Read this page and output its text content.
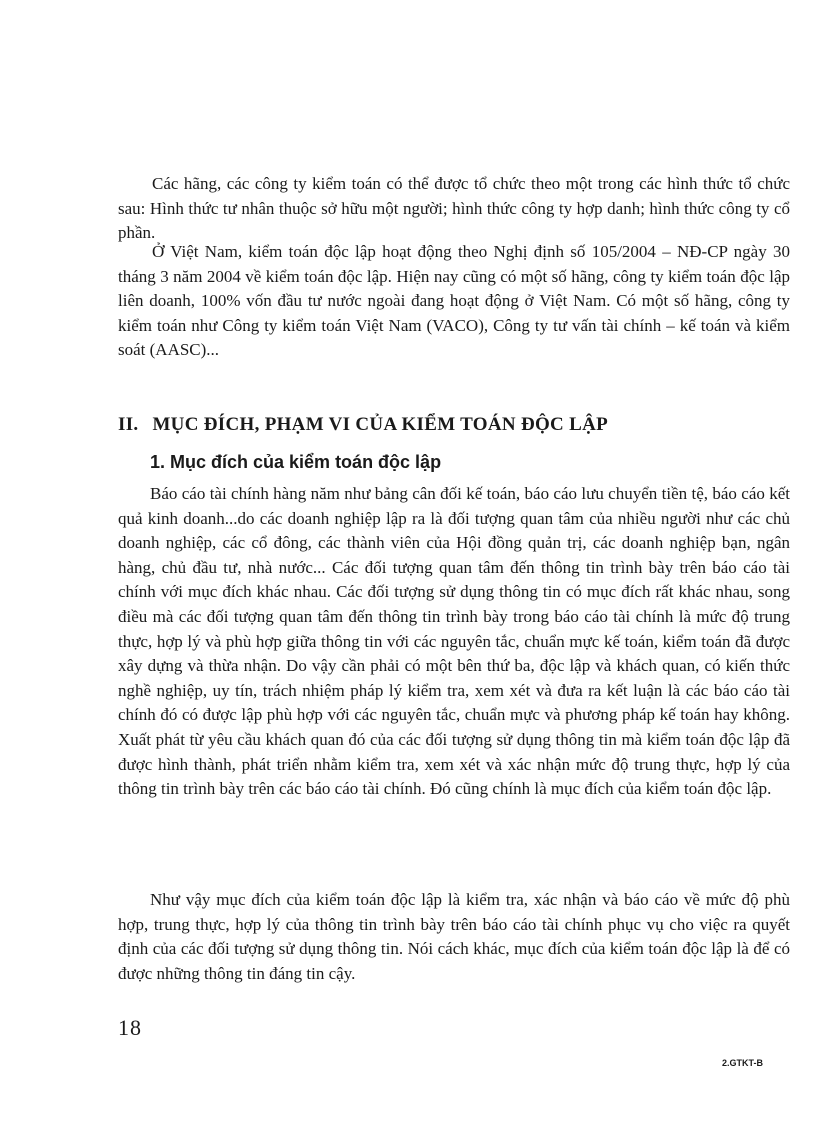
Các hãng, các công ty kiểm toán có thể được tổ chức theo một trong các hình thức tổ chức sau: Hình thức tư nhân thuộc sở hữu một người; hình thức công ty hợp danh; hình thức công ty cổ phần.

Ở Việt Nam, kiểm toán độc lập hoạt động theo Nghị định số 105/2004 – NĐ-CP ngày 30 tháng 3 năm 2004 về kiểm toán độc lập. Hiện nay cũng có một số hãng, công ty kiểm toán độc lập liên doanh, 100% vốn đầu tư nước ngoài đang hoạt động ở Việt Nam. Có một số hãng, công ty kiểm toán như Công ty kiểm toán Việt Nam (VACO), Công ty tư vấn tài chính – kế toán và kiểm soát (AASC)...

II. MỤC ĐÍCH, PHẠM VI CỦA KIỂM TOÁN ĐỘC LẬP
1. Mục đích của kiểm toán độc lập

Báo cáo tài chính hàng năm như bảng cân đối kế toán, báo cáo lưu chuyển tiền tệ, báo cáo kết quả kinh doanh...do các doanh nghiệp lập ra là đối tượng quan tâm của nhiều người như các chủ doanh nghiệp, các cổ đông, các thành viên của Hội đồng quản trị, các doanh nghiệp bạn, ngân hàng, chủ đầu tư, nhà nước... Các đối tượng quan tâm đến thông tin trình bày trên báo cáo tài chính với mục đích khác nhau. Các đối tượng sử dụng thông tin có mục đích rất khác nhau, song điều mà các đối tượng quan tâm đến thông tin trình bày trong báo cáo tài chính là mức độ trung thực, hợp lý và phù hợp giữa thông tin với các nguyên tắc, chuẩn mực kế toán, kiểm toán đã được xây dựng và thừa nhận. Do vậy cần phải có một bên thứ ba, độc lập và khách quan, có kiến thức nghề nghiệp, uy tín, trách nhiệm pháp lý kiểm tra, xem xét và đưa ra kết luận là các báo cáo tài chính đó có được lập phù hợp với các nguyên tắc, chuẩn mực và phương pháp kế toán hay không. Xuất phát từ yêu cầu khách quan đó của các đối tượng sử dụng thông tin mà kiểm toán độc lập đã được hình thành, phát triển nhằm kiểm tra, xem xét và xác nhận mức độ trung thực, hợp lý của thông tin trình bày trên các báo cáo tài chính. Đó cũng chính là mục đích của kiểm toán độc lập.

Như vậy mục đích của kiểm toán độc lập là kiểm tra, xác nhận và báo cáo về mức độ phù hợp, trung thực, hợp lý của thông tin trình bày trên báo cáo tài chính phục vụ cho việc ra quyết định của các đối tượng sử dụng thông tin. Nói cách khác, mục đích của kiểm toán độc lập là để có được những thông tin đáng tin cậy.

18
2.GTKT-B
